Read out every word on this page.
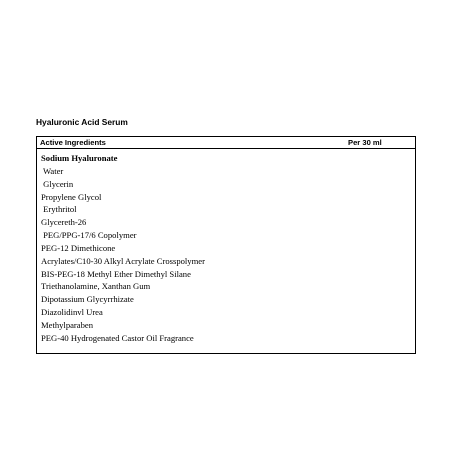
Hyaluronic Acid Serum
Active Ingredients	Per 30 ml
Sodium Hyaluronate
Water
Glycerin
Propylene Glycol
Erythritol
Glycereth-26
PEG/PPG-17/6 Copolymer
PEG-12 Dimethicone
Acrylates/C10-30 Alkyl Acrylate Crosspolymer
BIS-PEG-18 Methyl Ether Dimethyl Silane
Triethanolamine, Xanthan Gum
Dipotassium Glycyrrhizate
Diazolidinvl Urea
Methylparaben
PEG-40 Hydrogenated Castor Oil Fragrance
